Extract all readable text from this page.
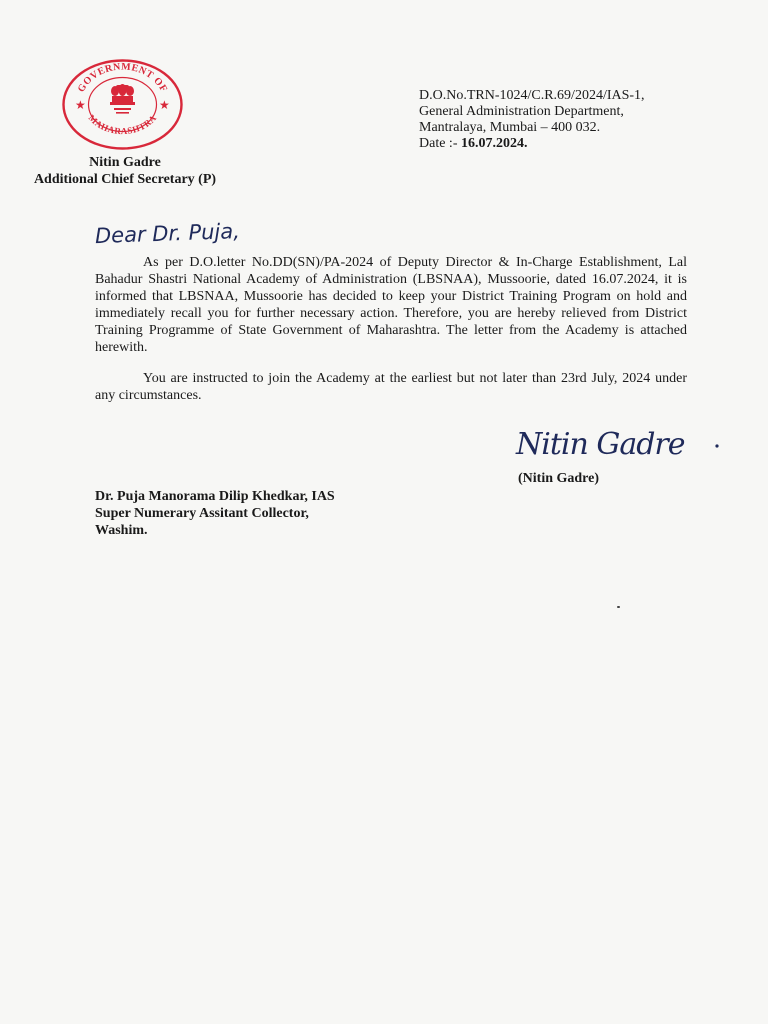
GOVERNMENT OF
MAHARASHTRA
★	★
Nitin Gadre
Additional Chief Secretary (P)
D.O.No.TRN-1024/C.R.69/2024/IAS-1,
General Administration Department,
Mantralaya, Mumbai – 400 032.
Date :- 16.07.2024.
Dear Dr. Puja,

As per D.O.letter No.DD(SN)/PA-2024 of Deputy Director & In-Charge Establishment, Lal Bahadur Shastri National Academy of Administration (LBSNAA), Mussoorie, dated 16.07.2024, it is informed that LBSNAA, Mussoorie has decided to keep your District Training Program on hold and immediately recall you for further necessary action. Therefore, you are hereby relieved from District Training Programme of State Government of Maharashtra. The letter from the Academy is attached herewith.

You are instructed to join the Academy at the earliest but not later than 23rd July, 2024 under any circumstances.

Nitin Gadre
(Nitin Gadre)
Dr. Puja Manorama Dilip Khedkar, IAS
Super Numerary Assitant Collector,
Washim.
